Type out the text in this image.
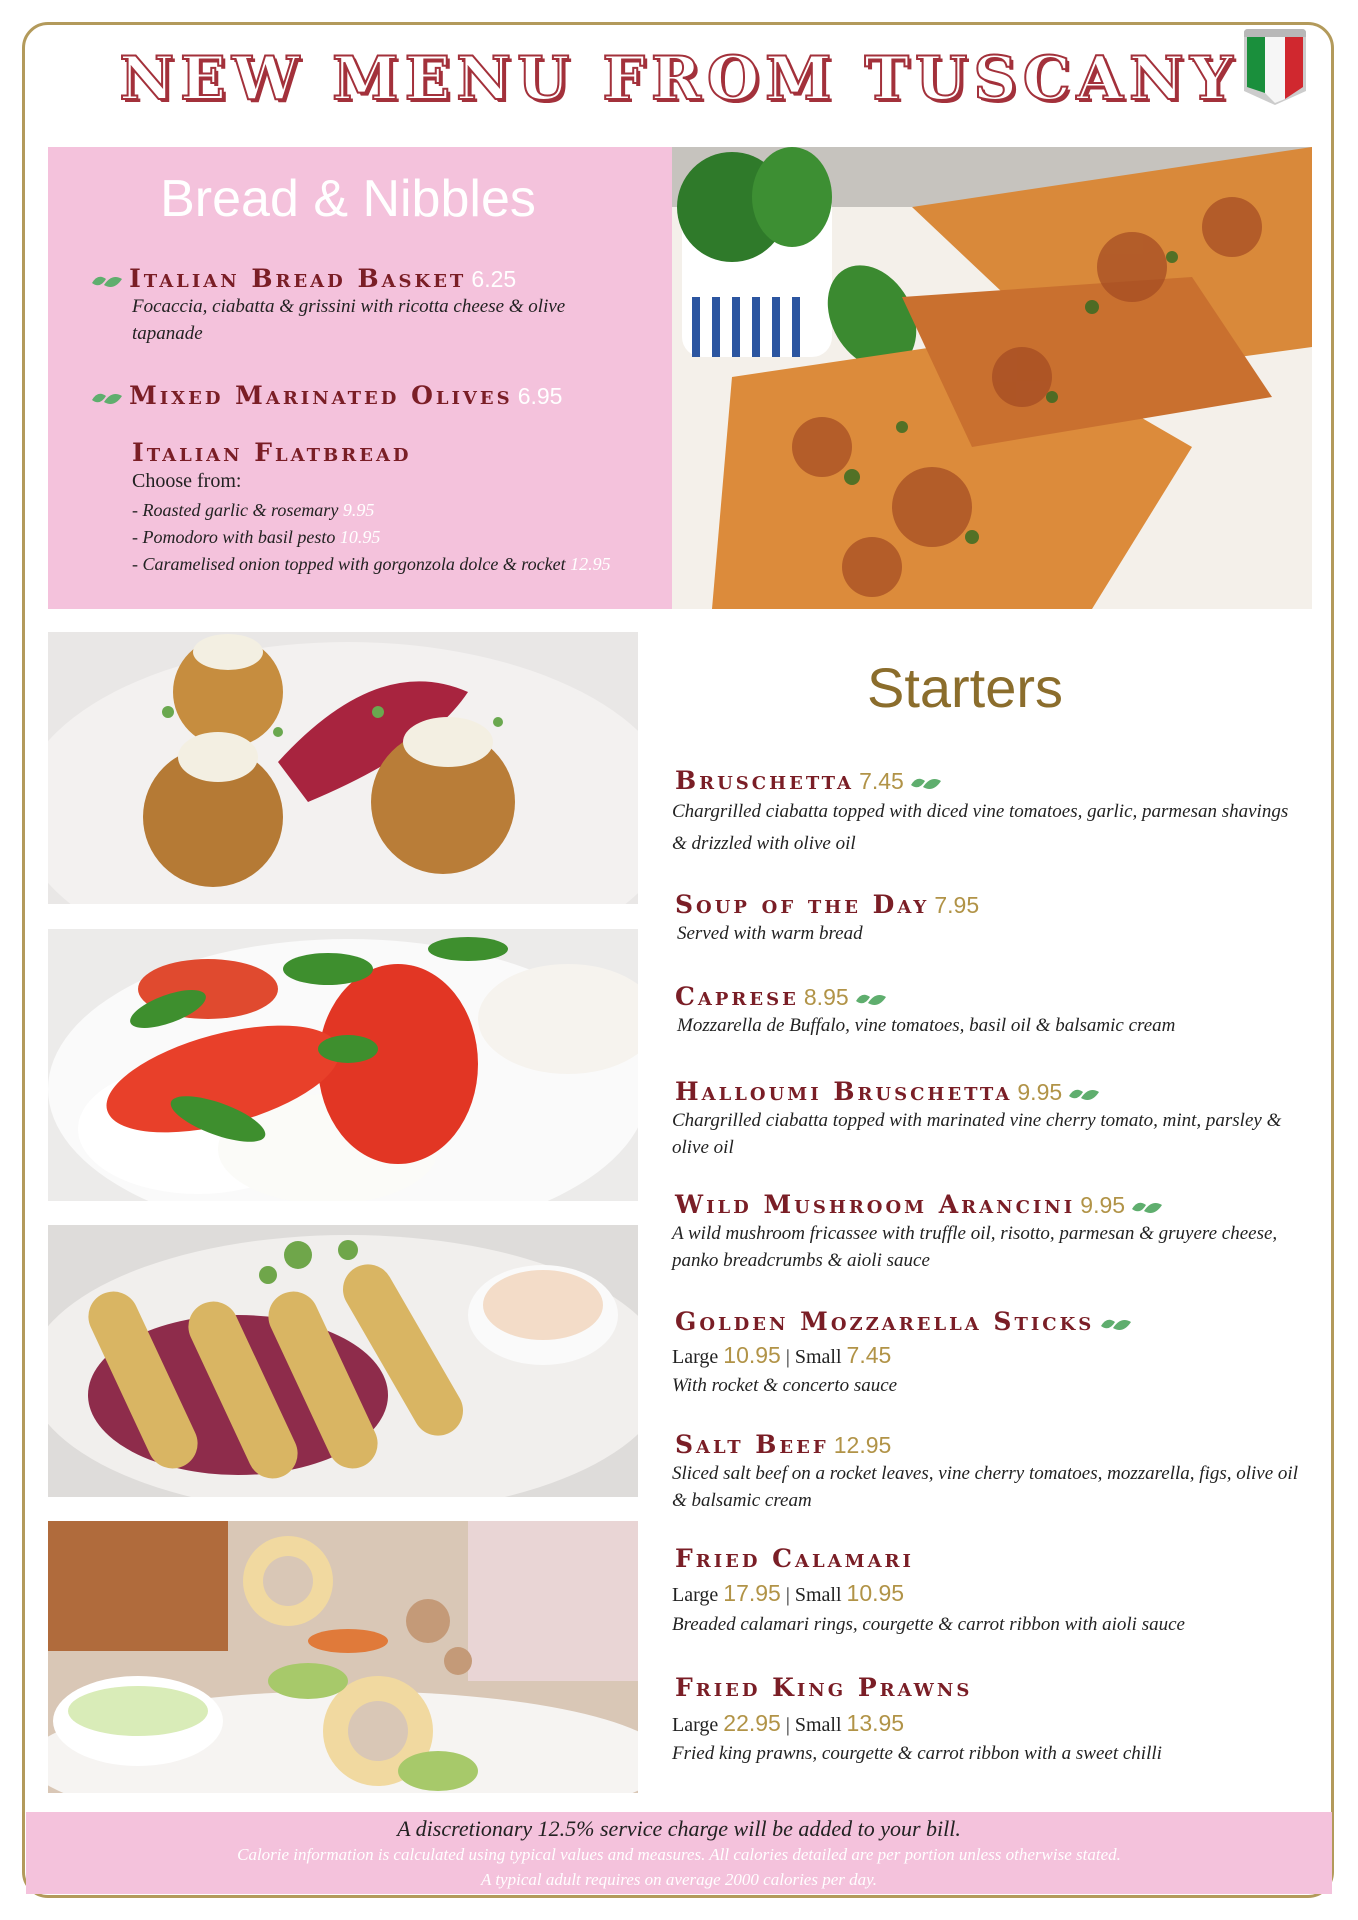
NEW MENU FROM TUSCANY
Bread & Nibbles
Italian Bread Basket 6.25
Focaccia, ciabatta & grissini with ricotta cheese & olive tapanade
Mixed Marinated Olives 6.95
Italian Flatbread
Choose from:
- Roasted garlic & rosemary 9.95
- Pomodoro with basil pesto 10.95
- Caramelised onion topped with gorgonzola dolce & rocket 12.95
Starters
Bruschetta 7.45
Chargrilled ciabatta topped with diced vine tomatoes, garlic, parmesan shavings & drizzled with olive oil
Soup of the Day 7.95
Served with warm bread
Caprese 8.95
Mozzarella de Buffalo, vine tomatoes, basil oil & balsamic cream
Halloumi Bruschetta 9.95
Chargrilled ciabatta topped with marinated vine cherry tomato, mint, parsley & olive oil
Wild Mushroom Arancini 9.95
A wild mushroom fricassee with truffle oil, risotto, parmesan & gruyere cheese, panko breadcrumbs & aioli sauce
Golden Mozzarella Sticks
Large 10.95 | Small 7.45
With rocket & concerto sauce
Salt Beef 12.95
Sliced salt beef on a rocket leaves, vine cherry tomatoes, mozzarella, figs, olive oil & balsamic cream
Fried Calamari
Large 17.95 | Small 10.95
Breaded calamari rings, courgette & carrot ribbon with aioli sauce
Fried King Prawns
Large 22.95 | Small 13.95
Fried king prawns, courgette & carrot ribbon with a sweet chilli
A discretionary 12.5% service charge will be added to your bill.
Calorie information is calculated using typical values and measures. All calories detailed are per portion unless otherwise stated.
A typical adult requires on average 2000 calories per day.
